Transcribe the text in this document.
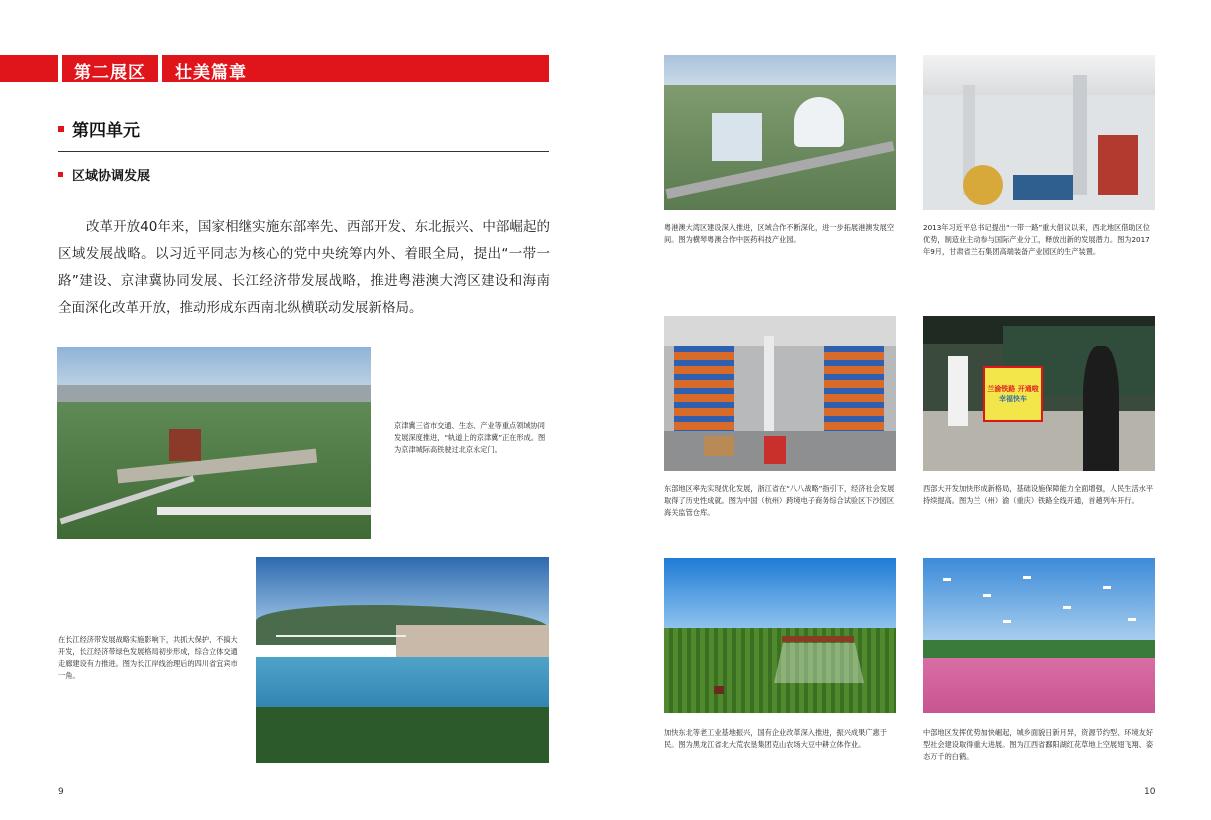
第二展区 壮美篇章
第四单元
区域协调发展

改革开放40年来，国家相继实施东部率先、西部开发、东北振兴、中部崛起的区域发展战略。以习近平同志为核心的党中央统筹内外、着眼全局，提出“一带一路”建设、京津冀协同发展、长江经济带发展战略，推进粤港澳大湾区建设和海南全面深化改革开放，推动形成东西南北纵横联动发展新格局。

京津冀三省市交通、生态、产业等重点领域协同发展深度推进，“轨道上的京津冀”正在形成。图为京津城际高铁驶过北京永定门。

在长江经济带发展战略实施影响下，共抓大保护、不搞大开发，长江经济带绿色发展格局初步形成，综合立体交通走廊建设有力推进。图为长江岸线治理后的四川省宜宾市一角。

粤港澳大湾区建设深入推进，区域合作不断深化，进一步拓展港澳发展空间。图为横琴粤澳合作中医药科技产业园。

2013年习近平总书记提出“一带一路”重大倡议以来，西北地区借助区位优势，制造业主动参与国际产业分工，释放出新的发展潜力。图为2017年9月，甘肃省兰石集团高端装备产业园区的生产装置。

东部地区率先实现优化发展，浙江省在“八八战略”指引下，经济社会发展取得了历史性成就。图为中国（杭州）跨境电子商务综合试验区下沙园区海关监管仓库。

兰渝铁路 开通啦
幸福快车

西部大开发加快形成新格局，基础设施保障能力全面增强，人民生活水平持续提高。图为兰（州）渝（重庆）铁路全线开通，首趟列车开行。

加快东北等老工业基地振兴，国有企业改革深入推进，振兴成果广惠于民。图为黑龙江省北大荒农垦集团克山农场大豆中耕立体作业。

中部地区发挥优势加快崛起，城乡面貌日新月异，资源节约型、环境友好型社会建设取得重大进展。图为江西省鄱阳湖红花草地上空展翅飞翔、姿态万千的白鹤。

9	10
